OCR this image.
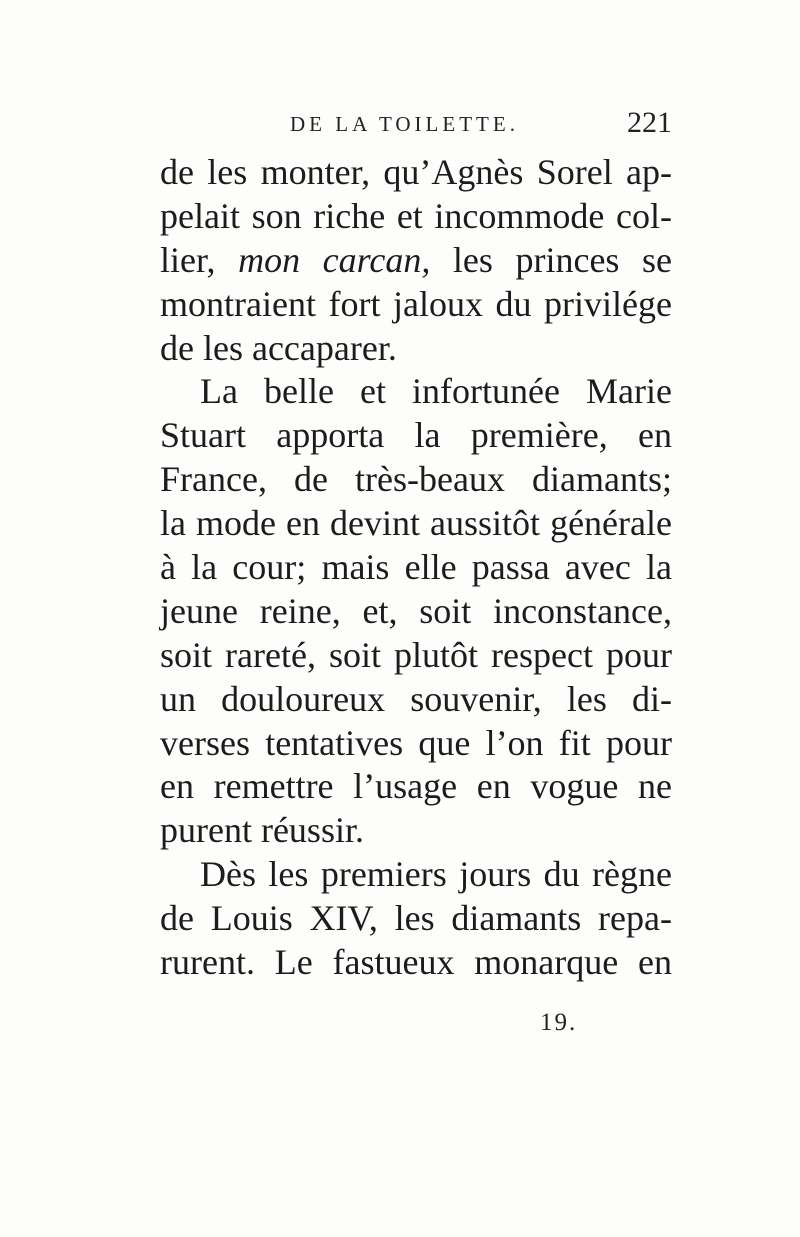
DE LA TOILETTE.	221
de les monter, qu’Agnès Sorel ap-
pelait son riche et incommode col-
lier, mon carcan, les princes se
montraient fort jaloux du privilége
de les accaparer.
La belle et infortunée Marie
Stuart apporta la première, en
France, de très-beaux diamants;
la mode en devint aussitôt générale
à la cour; mais elle passa avec la
jeune reine, et, soit inconstance,
soit rareté, soit plutôt respect pour
un douloureux souvenir, les di-
verses tentatives que l’on fit pour
en remettre l’usage en vogue ne
purent réussir.
Dès les premiers jours du règne
de Louis XIV, les diamants repa-
rurent. Le fastueux monarque en
19.
